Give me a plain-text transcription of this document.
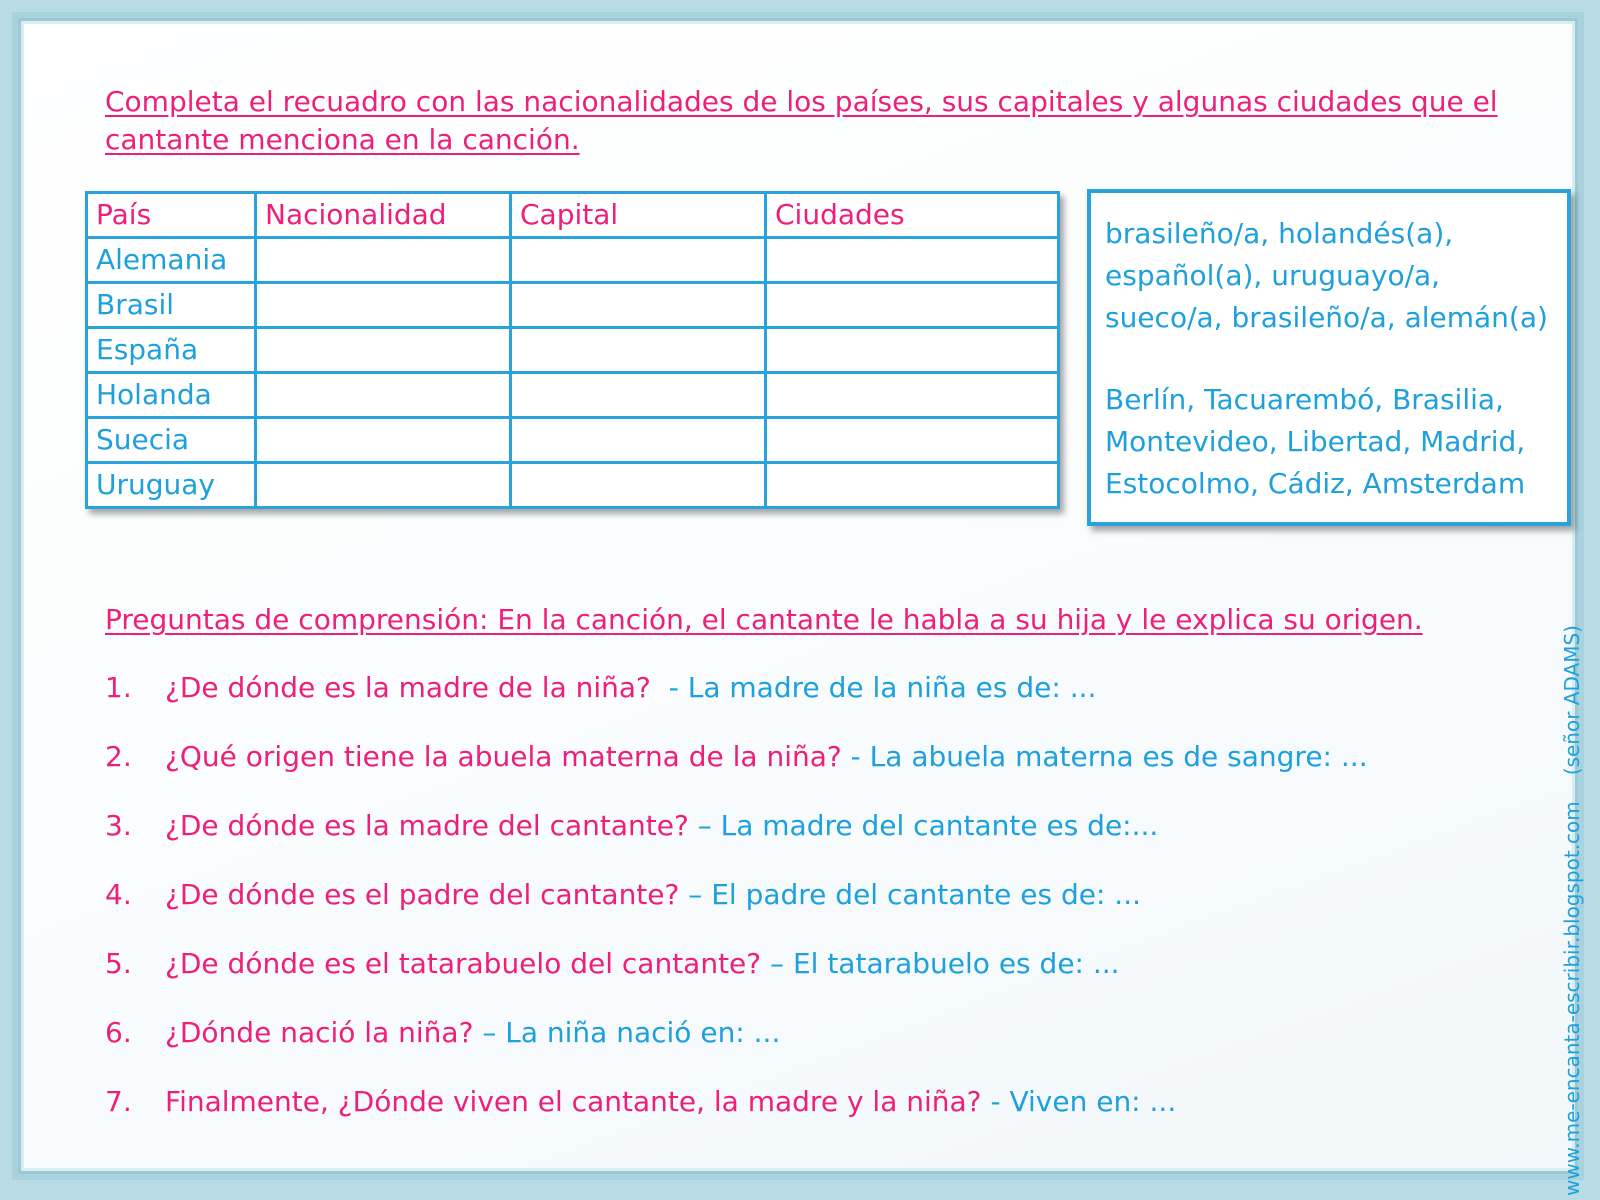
Completa el recuadro con las nacionalidades de los países, sus capitales y algunas ciudades que el cantante menciona en la canción.
País	Nacionalidad	Capital	Ciudades
Alemania			
Brasil			
España			
Holanda			
Suecia			
Uruguay			

brasileño/a, holandés(a),
español(a), uruguayo/a,
sueco/a, brasileño/a, alemán(a)

Berlín, Tacuarembó, Brasilia,
Montevideo, Libertad, Madrid,
Estocolmo, Cádiz, Amsterdam

Preguntas de comprensión: En la canción, el cantante le habla a su hija y le explica su origen.
1.	¿De dónde es la madre de la niña?  - La madre de la niña es de: ...
2.	¿Qué origen tiene la abuela materna de la niña? - La abuela materna es de sangre: ...
3.	¿De dónde es la madre del cantante? – La madre del cantante es de:...
4.	¿De dónde es el padre del cantante? – El padre del cantante es de: ...
5.	¿De dónde es el tatarabuelo del cantante? – El tatarabuelo es de: ...
6.	¿Dónde nació la niña? – La niña nació en: ...
7.	Finalmente, ¿Dónde viven el cantante, la madre y la niña? - Viven en: ...	www.me-encanta-escribir.blogspot.com(señor ADAMS)
